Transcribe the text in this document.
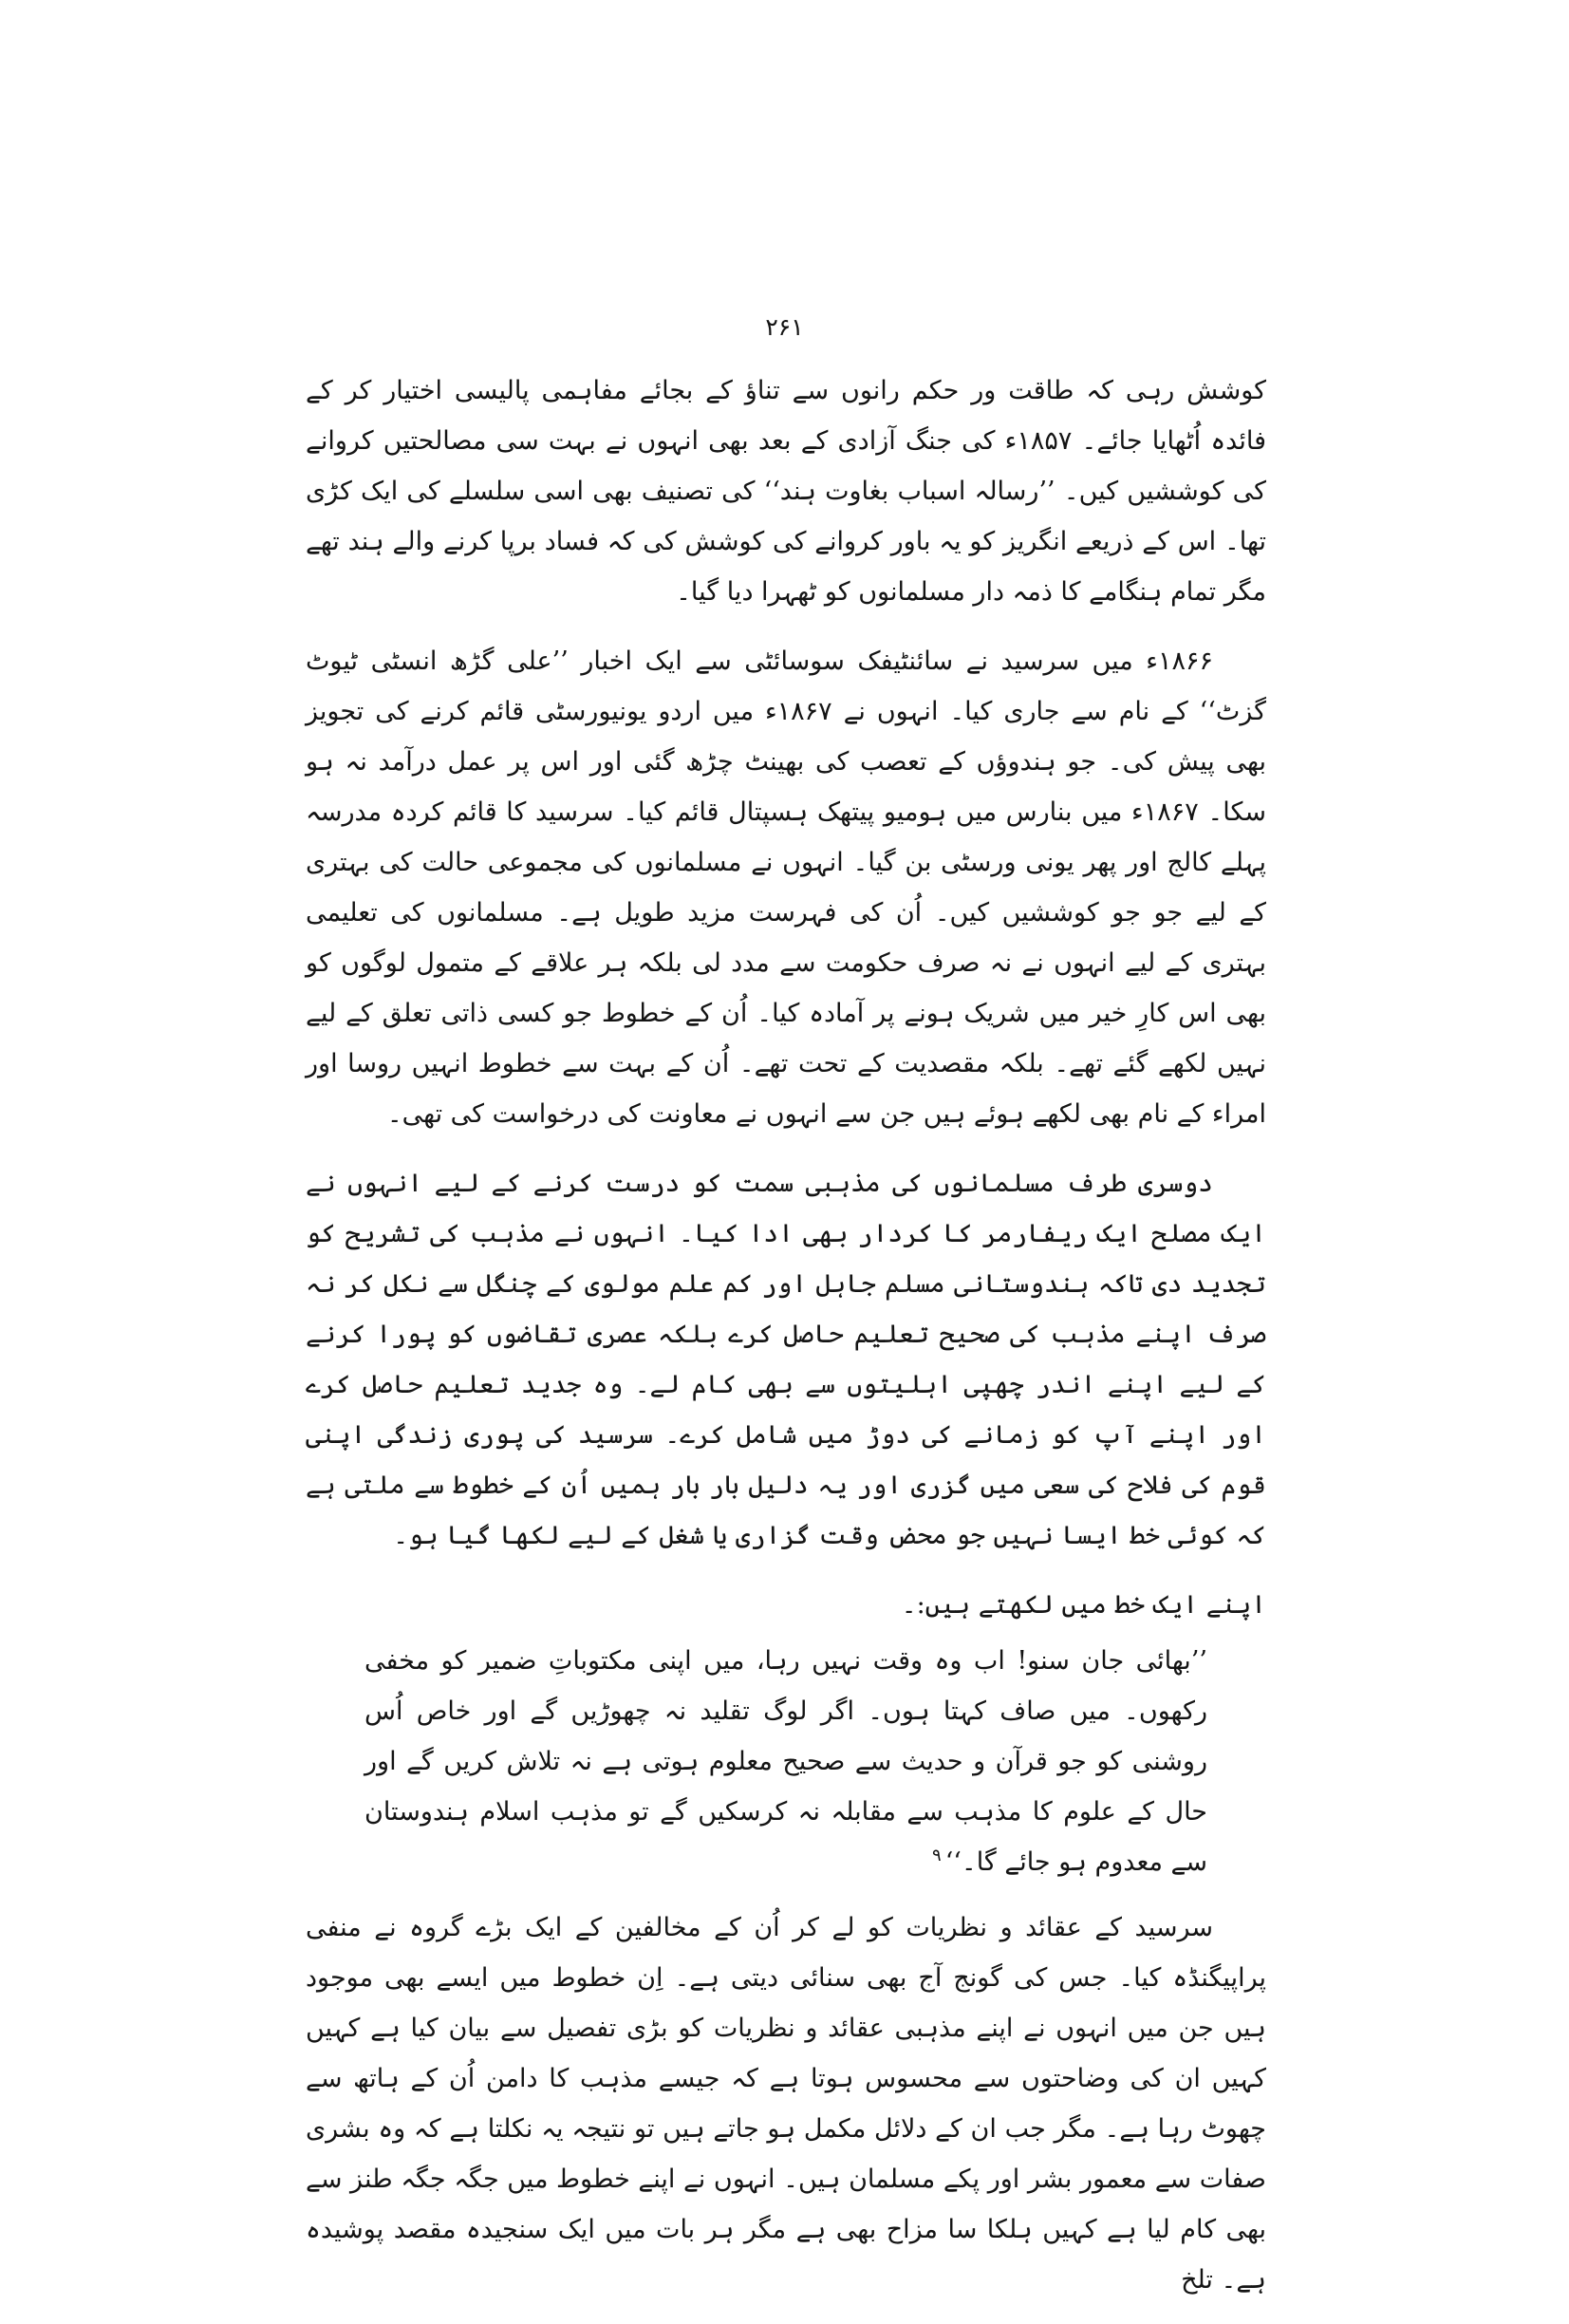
۲۶۱

کوشش رہی کہ طاقت ور حکم رانوں سے تناؤ کے بجائے مفاہمی پالیسی اختیار کر کے فائدہ اُٹھایا جائے۔ ۱۸۵۷ء کی جنگ آزادی کے بعد بھی انہوں نے بہت سی مصالحتیں کروانے کی کوششیں کیں۔ ’’رسالہ اسباب بغاوت ہند‘‘ کی تصنیف بھی اسی سلسلے کی ایک کڑی تھا۔ اس کے ذریعے انگریز کو یہ باور کروانے کی کوشش کی کہ فساد برپا کرنے والے ہند تھے مگر تمام ہنگامے کا ذمہ دار مسلمانوں کو ٹھہرا دیا گیا۔

۱۸۶۶ء میں سرسید نے سائنٹیفک سوسائٹی سے ایک اخبار ’’علی گڑھ انسٹی ٹیوٹ گزٹ‘‘ کے نام سے جاری کیا۔ انہوں نے ۱۸۶۷ء میں اردو یونیورسٹی قائم کرنے کی تجویز بھی پیش کی۔ جو ہندوؤں کے تعصب کی بھینٹ چڑھ گئی اور اس پر عمل درآمد نہ ہو سکا۔ ۱۸۶۷ء میں بنارس میں ہومیو پیتھک ہسپتال قائم کیا۔ سرسید کا قائم کردہ مدرسہ پہلے کالج اور پھر یونی ورسٹی بن گیا۔ انہوں نے مسلمانوں کی مجموعی حالت کی بہتری کے لیے جو جو کوششیں کیں۔ اُن کی فہرست مزید طویل ہے۔ مسلمانوں کی تعلیمی بہتری کے لیے انہوں نے نہ صرف حکومت سے مدد لی بلکہ ہر علاقے کے متمول لوگوں کو بھی اس کارِ خیر میں شریک ہونے پر آمادہ کیا۔ اُن کے خطوط جو کسی ذاتی تعلق کے لیے نہیں لکھے گئے تھے۔ بلکہ مقصدیت کے تحت تھے۔ اُن کے بہت سے خطوط انہیں روسا اور امراء کے نام بھی لکھے ہوئے ہیں جن سے انہوں نے معاونت کی درخواست کی تھی۔

دوسری طرف مسلمانوں کی مذہبی سمت کو درست کرنے کے لیے انہوں نے ایک مصلح ایک ریفارمر کا کردار بھی ادا کیا۔ انہوں نے مذہب کی تشریح کو تجدید دی تاکہ ہندوستانی مسلم جاہل اور کم علم مولوی کے چنگل سے نکل کر نہ صرف اپنے مذہب کی صحیح تعلیم حاصل کرے بلکہ عصری تقاضوں کو پورا کرنے کے لیے اپنے اندر چھپی اہلیتوں سے بھی کام لے۔ وہ جدید تعلیم حاصل کرے اور اپنے آپ کو زمانے کی دوڑ میں شامل کرے۔ سرسید کی پوری زندگی اپنی قوم کی فلاح کی سعی میں گزری اور یہ دلیل بار بار ہمیں اُن کے خطوط سے ملتی ہے کہ کوئی خط ایسا نہیں جو محض وقت گزاری یا شغل کے لیے لکھا گیا ہو۔

اپنے ایک خط میں لکھتے ہیں:۔

’’بھائی جان سنو! اب وہ وقت نہیں رہا، میں اپنی مکتوباتِ ضمیر کو مخفی رکھوں۔ میں صاف کہتا ہوں۔ اگر لوگ تقلید نہ چھوڑیں گے اور خاص اُس روشنی کو جو قرآن و حدیث سے صحیح معلوم ہوتی ہے نہ تلاش کریں گے اور حال کے علوم کا مذہب سے مقابلہ نہ کرسکیں گے تو مذہب اسلام ہندوستان سے معدوم ہو جائے گا۔‘‘$^۹$

سرسید کے عقائد و نظریات کو لے کر اُن کے مخالفین کے ایک بڑے گروہ نے منفی پراپیگنڈہ کیا۔ جس کی گونج آج بھی سنائی دیتی ہے۔ اِن خطوط میں ایسے بھی موجود ہیں جن میں انہوں نے اپنے مذہبی عقائد و نظریات کو بڑی تفصیل سے بیان کیا ہے کہیں کہیں ان کی وضاحتوں سے محسوس ہوتا ہے کہ جیسے مذہب کا دامن اُن کے ہاتھ سے چھوٹ رہا ہے۔ مگر جب ان کے دلائل مکمل ہو جاتے ہیں تو نتیجہ یہ نکلتا ہے کہ وہ بشری صفات سے معمور بشر اور پکے مسلمان ہیں۔ انہوں نے اپنے خطوط میں جگہ جگہ طنز سے بھی کام لیا ہے کہیں ہلکا سا مزاح بھی ہے مگر ہر بات میں ایک سنجیدہ مقصد پوشیدہ ہے۔ تلخ
